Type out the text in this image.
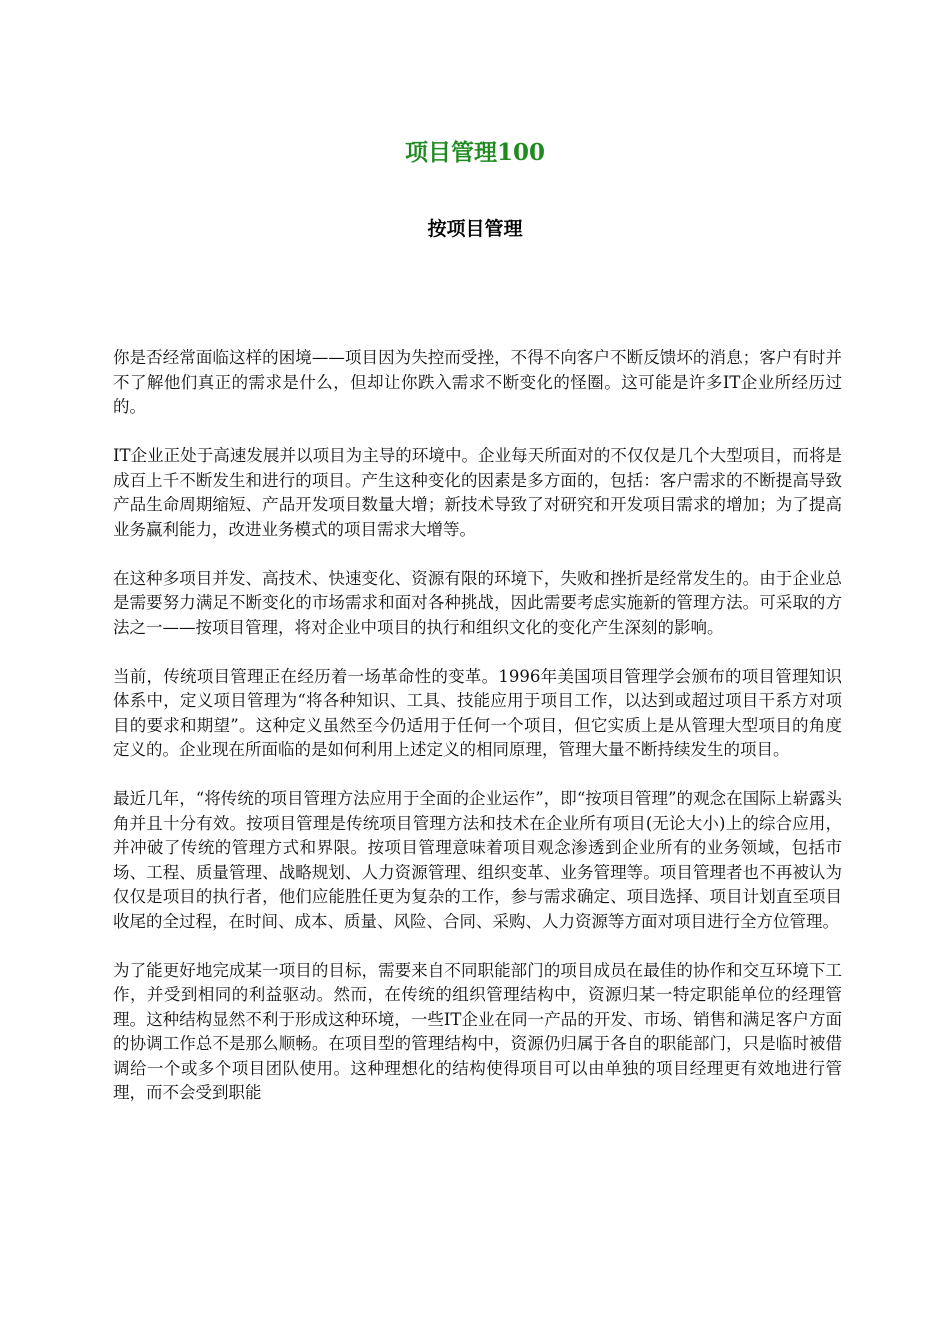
项目管理100
按项目管理

你是否经常面临这样的困境——项目因为失控而受挫，不得不向客户不断反馈坏的消息；客户有时并不了解他们真正的需求是什么，但却让你跌入需求不断变化的怪圈。这可能是许多IT企业所经历过的。

IT企业正处于高速发展并以项目为主导的环境中。企业每天所面对的不仅仅是几个大型项目，而将是成百上千不断发生和进行的项目。产生这种变化的因素是多方面的，包括：客户需求的不断提高导致产品生命周期缩短、产品开发项目数量大增；新技术导致了对研究和开发项目需求的增加；为了提高业务赢利能力，改进业务模式的项目需求大增等。

在这种多项目并发、高技术、快速变化、资源有限的环境下，失败和挫折是经常发生的。由于企业总是需要努力满足不断变化的市场需求和面对各种挑战，因此需要考虑实施新的管理方法。可采取的方法之一——按项目管理，将对企业中项目的执行和组织文化的变化产生深刻的影响。

当前，传统项目管理正在经历着一场革命性的变革。1996年美国项目管理学会颁布的项目管理知识体系中，定义项目管理为“将各种知识、工具、技能应用于项目工作，以达到或超过项目干系方对项目的要求和期望”。这种定义虽然至今仍适用于任何一个项目，但它实质上是从管理大型项目的角度定义的。企业现在所面临的是如何利用上述定义的相同原理，管理大量不断持续发生的项目。

最近几年，“将传统的项目管理方法应用于全面的企业运作”，即“按项目管理”的观念在国际上崭露头角并且十分有效。按项目管理是传统项目管理方法和技术在企业所有项目(无论大小)上的综合应用，并冲破了传统的管理方式和界限。按项目管理意味着项目观念渗透到企业所有的业务领域，包括市场、工程、质量管理、战略规划、人力资源管理、组织变革、业务管理等。项目管理者也不再被认为仅仅是项目的执行者，他们应能胜任更为复杂的工作，参与需求确定、项目选择、项目计划直至项目收尾的全过程，在时间、成本、质量、风险、合同、采购、人力资源等方面对项目进行全方位管理。

为了能更好地完成某一项目的目标，需要来自不同职能部门的项目成员在最佳的协作和交互环境下工作，并受到相同的利益驱动。然而，在传统的组织管理结构中，资源归某一特定职能单位的经理管理。这种结构显然不利于形成这种环境，一些IT企业在同一产品的开发、市场、销售和满足客户方面的协调工作总不是那么顺畅。在项目型的管理结构中，资源仍归属于各自的职能部门，只是临时被借调给一个或多个项目团队使用。这种理想化的结构使得项目可以由单独的项目经理更有效地进行管理，而不会受到职能
